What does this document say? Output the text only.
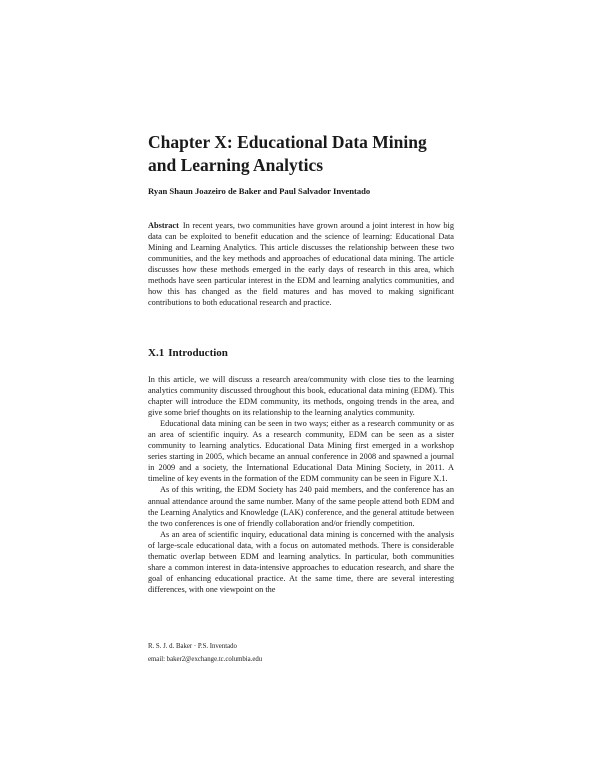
Chapter X: Educational Data Mining and Learning Analytics

Ryan Shaun Joazeiro de Baker and Paul Salvador Inventado

Abstract In recent years, two communities have grown around a joint interest in how big data can be exploited to benefit education and the science of learning: Educational Data Mining and Learning Analytics. This article discusses the relationship between these two communities, and the key methods and approaches of educational data mining. The article discusses how these methods emerged in the early days of research in this area, which methods have seen particular interest in the EDM and learning analytics communities, and how this has changed as the field matures and has moved to making significant contributions to both educational research and practice.

X.1 Introduction

In this article, we will discuss a research area/community with close ties to the learning analytics community discussed throughout this book, educational data mining (EDM). This chapter will introduce the EDM community, its methods, ongoing trends in the area, and give some brief thoughts on its relationship to the learning analytics community.

Educational data mining can be seen in two ways; either as a research community or as an area of scientific inquiry. As a research community, EDM can be seen as a sister community to learning analytics. Educational Data Mining first emerged in a workshop series starting in 2005, which became an annual conference in 2008 and spawned a journal in 2009 and a society, the International Educational Data Mining Society, in 2011. A timeline of key events in the formation of the EDM community can be seen in Figure X.1.

As of this writing, the EDM Society has 240 paid members, and the conference has an annual attendance around the same number. Many of the same people attend both EDM and the Learning Analytics and Knowledge (LAK) conference, and the general attitude between the two conferences is one of friendly collaboration and/or friendly competition.

As an area of scientific inquiry, educational data mining is concerned with the analysis of large-scale educational data, with a focus on automated methods. There is considerable thematic overlap between EDM and learning analytics. In particular, both communities share a common interest in data-intensive approaches to education research, and share the goal of enhancing educational practice. At the same time, there are several interesting differences, with one viewpoint on the

R. S. J. d. Baker · P.S. Inventado

email: baker2@exchange.tc.columbia.edu
